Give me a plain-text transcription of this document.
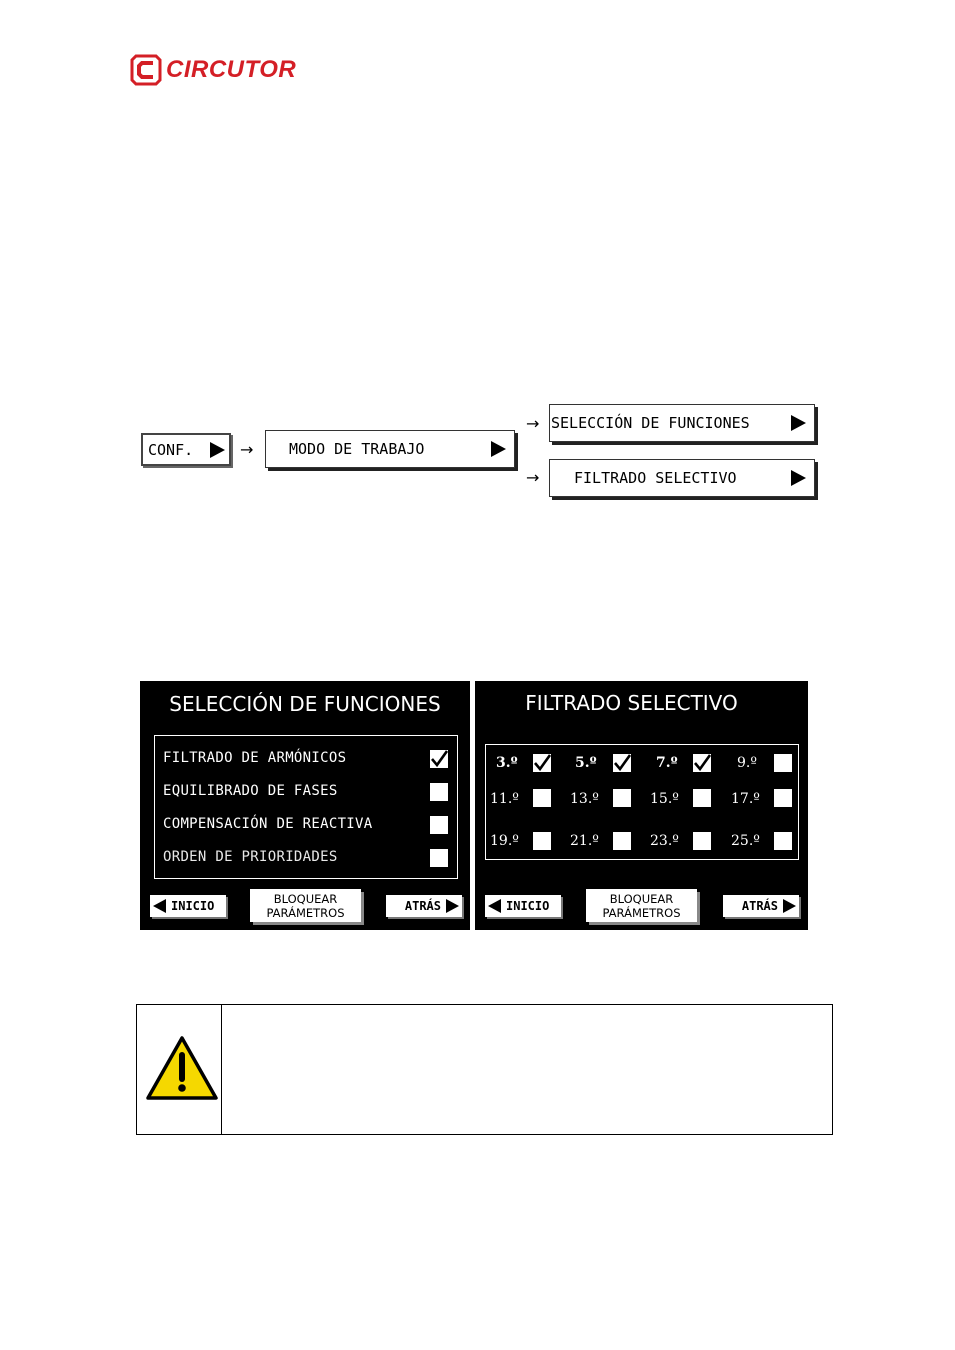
CIRCUTOR
CONF.	→ MODO DE TRABAJO
→ SELECCIÓN DE FUNCIONES
→ FILTRADO SELECTIVO
SELECCIÓN DE FUNCIONES
FILTRADO DE ARMÓNICOS
EQUILIBRADO DE FASES
COMPENSACIÓN DE REACTIVA
ORDEN DE PRIORIDADES
INICIO
BLOQUEAR
PARÁMETROS	ATRÁS
FILTRADO SELECTIVO
3.º	5.º	7.º	9.º
11.º	13.º	15.º	17.º
19.º	21.º	23.º	25.º
INICIO
BLOQUEAR
PARÁMETROS	ATRÁS
